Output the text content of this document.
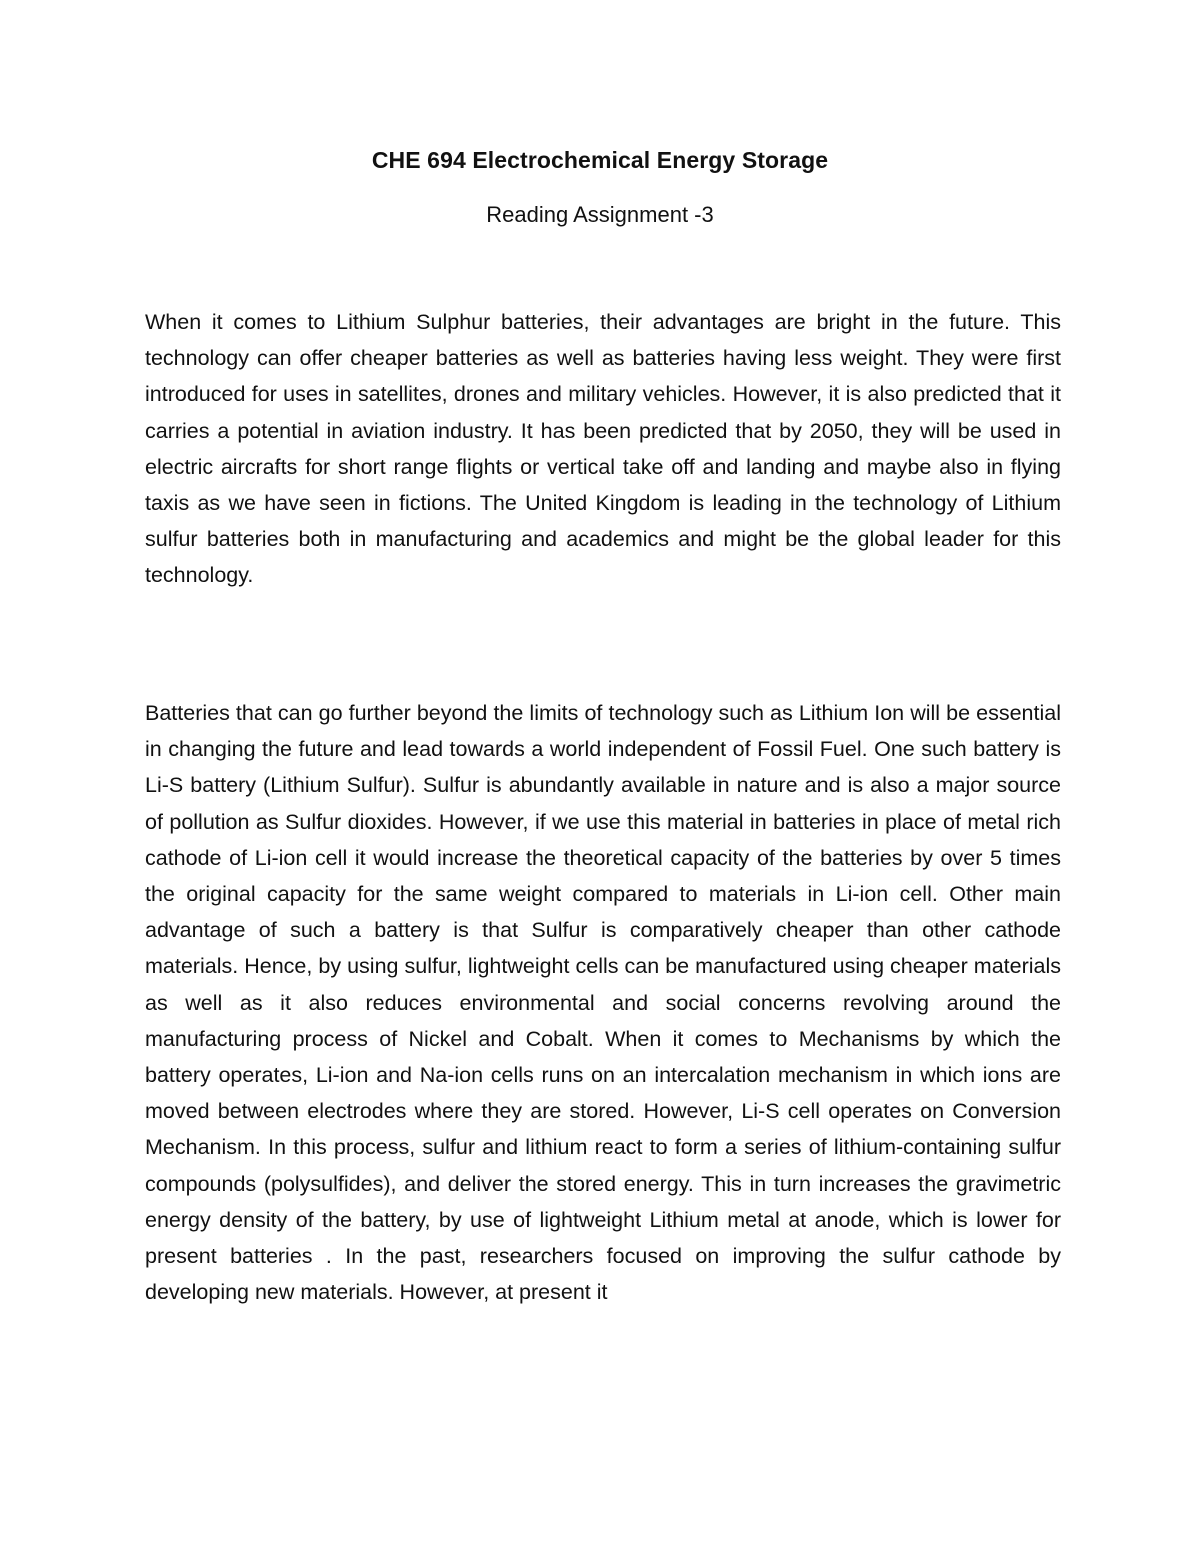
CHE 694 Electrochemical Energy Storage
Reading Assignment -3

When it comes to Lithium Sulphur batteries, their advantages are bright in the future. This technology can offer cheaper batteries as well as batteries having less weight. They were first introduced for uses in satellites, drones and military vehicles. However, it is also predicted that it carries a potential in aviation industry. It has been predicted that by 2050, they will be used in electric aircrafts for short range flights or vertical take off and landing and maybe also in flying taxis as we have seen in fictions. The United Kingdom is leading in the technology of Lithium sulfur batteries both in manufacturing and academics and might be the global leader for this technology.

Batteries that can go further beyond the limits of technology such as Lithium Ion will be essential in changing the future and lead towards a world independent of Fossil Fuel. One such battery is Li-S battery (Lithium Sulfur). Sulfur is abundantly available in nature and is also a major source of pollution as Sulfur dioxides. However, if we use this material in batteries in place of metal rich cathode of Li-ion cell it would increase the theoretical capacity of the batteries by over 5 times the original capacity for the same weight compared to materials in Li-ion cell. Other main advantage of such a battery is that Sulfur is comparatively cheaper than other cathode materials. Hence, by using sulfur, lightweight cells can be manufactured using cheaper materials as well as it also reduces environmental and social concerns revolving around the manufacturing process of Nickel and Cobalt. When it comes to Mechanisms by which the battery operates, Li-ion and Na-ion cells runs on an intercalation mechanism in which ions are moved between electrodes where they are stored. However, Li-S cell operates on Conversion Mechanism. In this process, sulfur and lithium react to form a series of lithium-containing sulfur compounds (polysulfides), and deliver the stored energy. This in turn increases the gravimetric energy density of the battery, by use of lightweight Lithium metal at anode, which is lower for present batteries . In the past, researchers focused on improving the sulfur cathode by developing new materials. However, at present it
